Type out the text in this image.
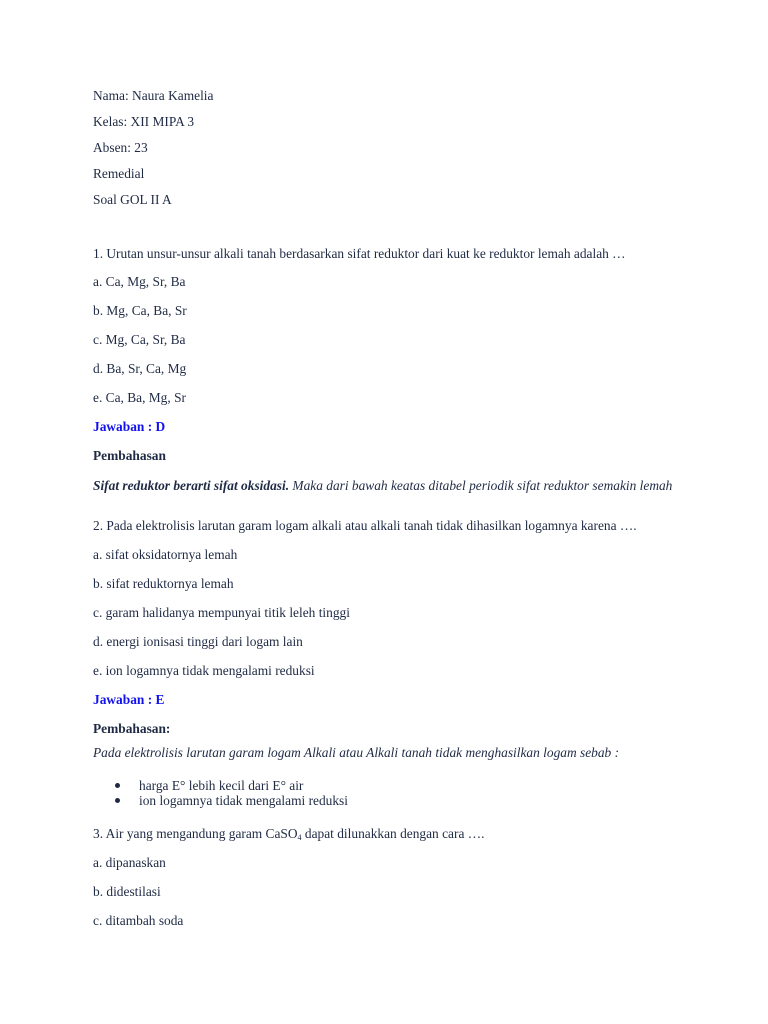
Nama: Naura Kamelia
Kelas: XII MIPA 3
Absen: 23
Remedial
Soal GOL II A
1. Urutan unsur-unsur alkali tanah berdasarkan sifat reduktor dari kuat ke reduktor lemah adalah …
a. Ca, Mg, Sr, Ba
b. Mg, Ca, Ba, Sr
c. Mg, Ca, Sr, Ba
d. Ba, Sr, Ca, Mg
e. Ca, Ba, Mg, Sr
Jawaban : D
Pembahasan
Sifat reduktor berarti sifat oksidasi. Maka dari bawah keatas ditabel periodik sifat reduktor semakin lemah
2. Pada elektrolisis larutan garam logam alkali atau alkali tanah tidak dihasilkan logamnya karena ….
a. sifat oksidatornya lemah
b. sifat reduktornya lemah
c. garam halidanya mempunyai titik leleh tinggi
d. energi ionisasi tinggi dari logam lain
e. ion logamnya tidak mengalami reduksi
Jawaban : E
Pembahasan:
Pada elektrolisis larutan garam logam Alkali atau Alkali tanah tidak menghasilkan logam sebab :
harga E° lebih kecil dari E° air
ion logamnya tidak mengalami reduksi
3. Air yang mengandung garam CaSO$_4$ dapat dilunakkan dengan cara ….
a. dipanaskan
b. didestilasi
c. ditambah soda
